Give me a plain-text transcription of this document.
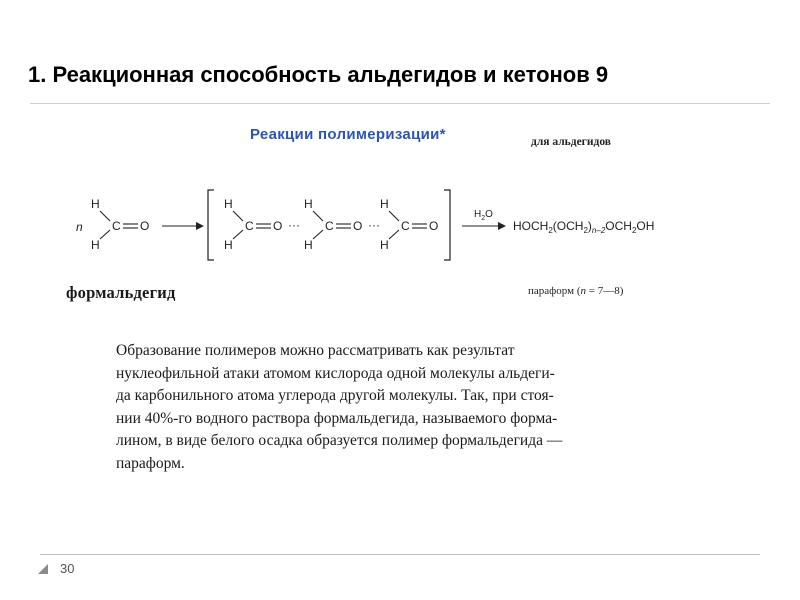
1. Реакционная способность альдегидов и кетонов 9
Реакции полимеризации*	для альдегидов
n
H
H
C O
H
H
C O ···
H
H
C O ···
H
H
C O
$H_2O$
$HOCH_2(OCH_2)_{n-2}OCH_2OH$
формальдегид	параформ (n = 7—8)
Образование полимеров можно рассматривать как результат
нуклеофильной атаки атомом кислорода одной молекулы альдеги-
да карбонильного атома углерода другой молекулы. Так, при стоя-
нии 40%-го водного раствора формальдегида, называемого форма-
лином, в виде белого осадка образуется полимер формальдегида —
параформ.
30
